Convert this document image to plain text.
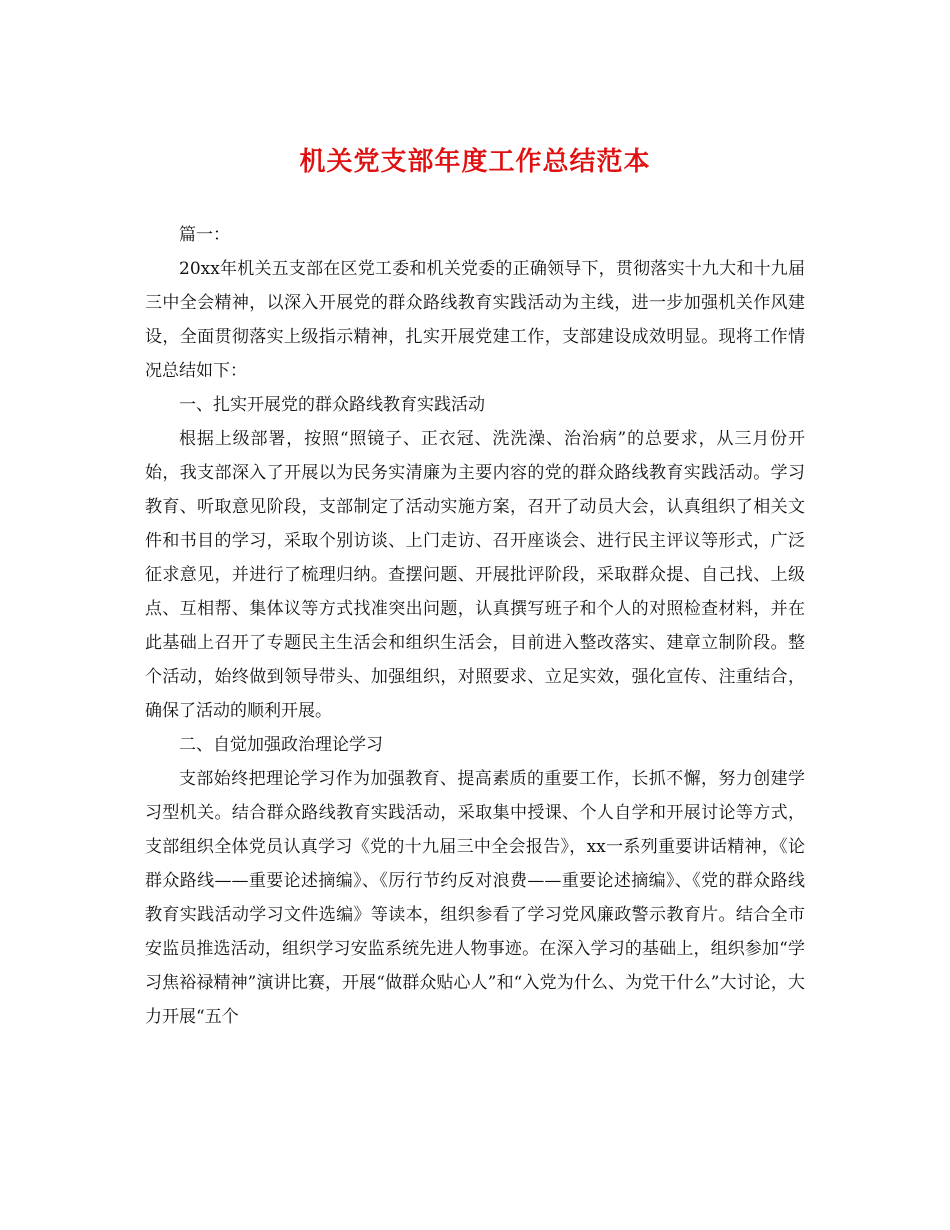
机关党支部年度工作总结范本

篇一：

20xx年机关五支部在区党工委和机关党委的正确领导下，贯彻落实十九大和十九届三中全会精神，以深入开展党的群众路线教育实践活动为主线，进一步加强机关作风建设，全面贯彻落实上级指示精神，扎实开展党建工作，支部建设成效明显。现将工作情况总结如下：

一、扎实开展党的群众路线教育实践活动

根据上级部署，按照“照镜子、正衣冠、洗洗澡、治治病”的总要求，从三月份开始，我支部深入了开展以为民务实清廉为主要内容的党的群众路线教育实践活动。学习教育、听取意见阶段，支部制定了活动实施方案，召开了动员大会，认真组织了相关文件和书目的学习，采取个别访谈、上门走访、召开座谈会、进行民主评议等形式，广泛征求意见，并进行了梳理归纳。查摆问题、开展批评阶段，采取群众提、自己找、上级点、互相帮、集体议等方式找准突出问题，认真撰写班子和个人的对照检查材料，并在此基础上召开了专题民主生活会和组织生活会，目前进入整改落实、建章立制阶段。整个活动，始终做到领导带头、加强组织，对照要求、立足实效，强化宣传、注重结合，确保了活动的顺利开展。

二、自觉加强政治理论学习

支部始终把理论学习作为加强教育、提高素质的重要工作，长抓不懈，努力创建学习型机关。结合群众路线教育实践活动，采取集中授课、个人自学和开展讨论等方式，支部组织全体党员认真学习《党的十九届三中全会报告》，xx一系列重要讲话精神，《论群众路线——重要论述摘编》、《厉行节约反对浪费——重要论述摘编》、《党的群众路线教育实践活动学习文件选编》等读本，组织参看了学习党风廉政警示教育片。结合全市安监员推选活动，组织学习安监系统先进人物事迹。在深入学习的基础上，组织参加“学习焦裕禄精神”演讲比赛，开展“做群众贴心人”和“入党为什么、为党干什么”大讨论，大力开展“五个
